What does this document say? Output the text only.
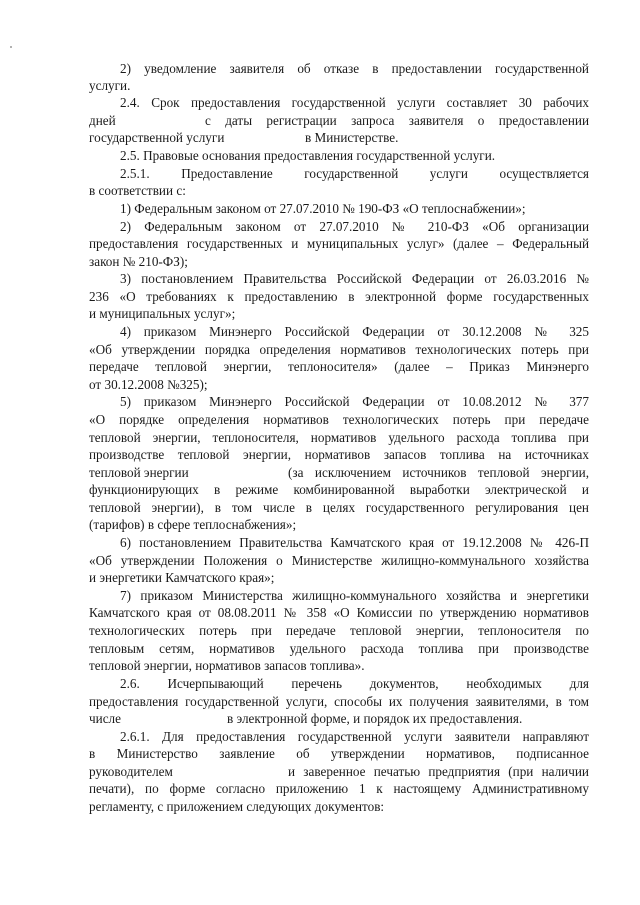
2) уведомление заявителя об отказе в предоставлении государственной
услуги.
2.4. Срок предоставления государственной услуги составляет 30 рабочих
дней	с даты регистрации запроса заявителя о предоставлении
государственной услуги	в Министерстве.
2.5. Правовые основания предоставления государственной услуги.
2.5.1. Предоставление государственной услуги осуществляется
в соответствии с:
1) Федеральным законом от 27.07.2010 № 190-ФЗ «О теплоснабжении»;
2) Федеральным законом от 27.07.2010 № 210-ФЗ «Об организации
предоставления государственных и муниципальных услуг» (далее – Федеральный
закон № 210-ФЗ);
3) постановлением Правительства Российской Федерации от 26.03.2016 №
236 «О требованиях к предоставлению в электронной форме государственных
и муниципальных услуг»;
4) приказом Минэнерго Российской Федерации от 30.12.2008 № 325
«Об утверждении порядка определения нормативов технологических потерь при
передаче тепловой энергии, теплоносителя» (далее – Приказ Минэнерго
от 30.12.2008 №325);
5) приказом Минэнерго Российской Федерации от 10.08.2012 № 377
«О порядке определения нормативов технологических потерь при передаче
тепловой энергии, теплоносителя, нормативов удельного расхода топлива при
производстве тепловой энергии, нормативов запасов топлива на источниках
тепловой энергии	(за исключением источников тепловой энергии,
функционирующих в режиме комбинированной выработки электрической и
тепловой энергии), в том числе в целях государственного регулирования цен
(тарифов) в сфере теплоснабжения»;
6) постановлением Правительства Камчатского края от 19.12.2008 № 426-П
«Об утверждении Положения о Министерстве жилищно-коммунального хозяйства
и энергетики Камчатского края»;
7) приказом Министерства жилищно-коммунального хозяйства и энергетики
Камчатского края от 08.08.2011 № 358 «О Комиссии по утверждению нормативов
технологических потерь при передаче тепловой энергии, теплоносителя по
тепловым сетям, нормативов удельного расхода топлива при производстве
тепловой энергии, нормативов запасов топлива».
2.6. Исчерпывающий перечень документов, необходимых для
предоставления государственной услуги, способы их получения заявителями, в том
числе	в электронной форме, и порядок их предоставления.
2.6.1. Для предоставления государственной услуги заявители направляют
в Министерство заявление об утверждении нормативов, подписанное
руководителем	и заверенное печатью предприятия (при наличии
печати), по форме согласно приложению 1 к настоящему Административному
регламенту, с приложением следующих документов:
